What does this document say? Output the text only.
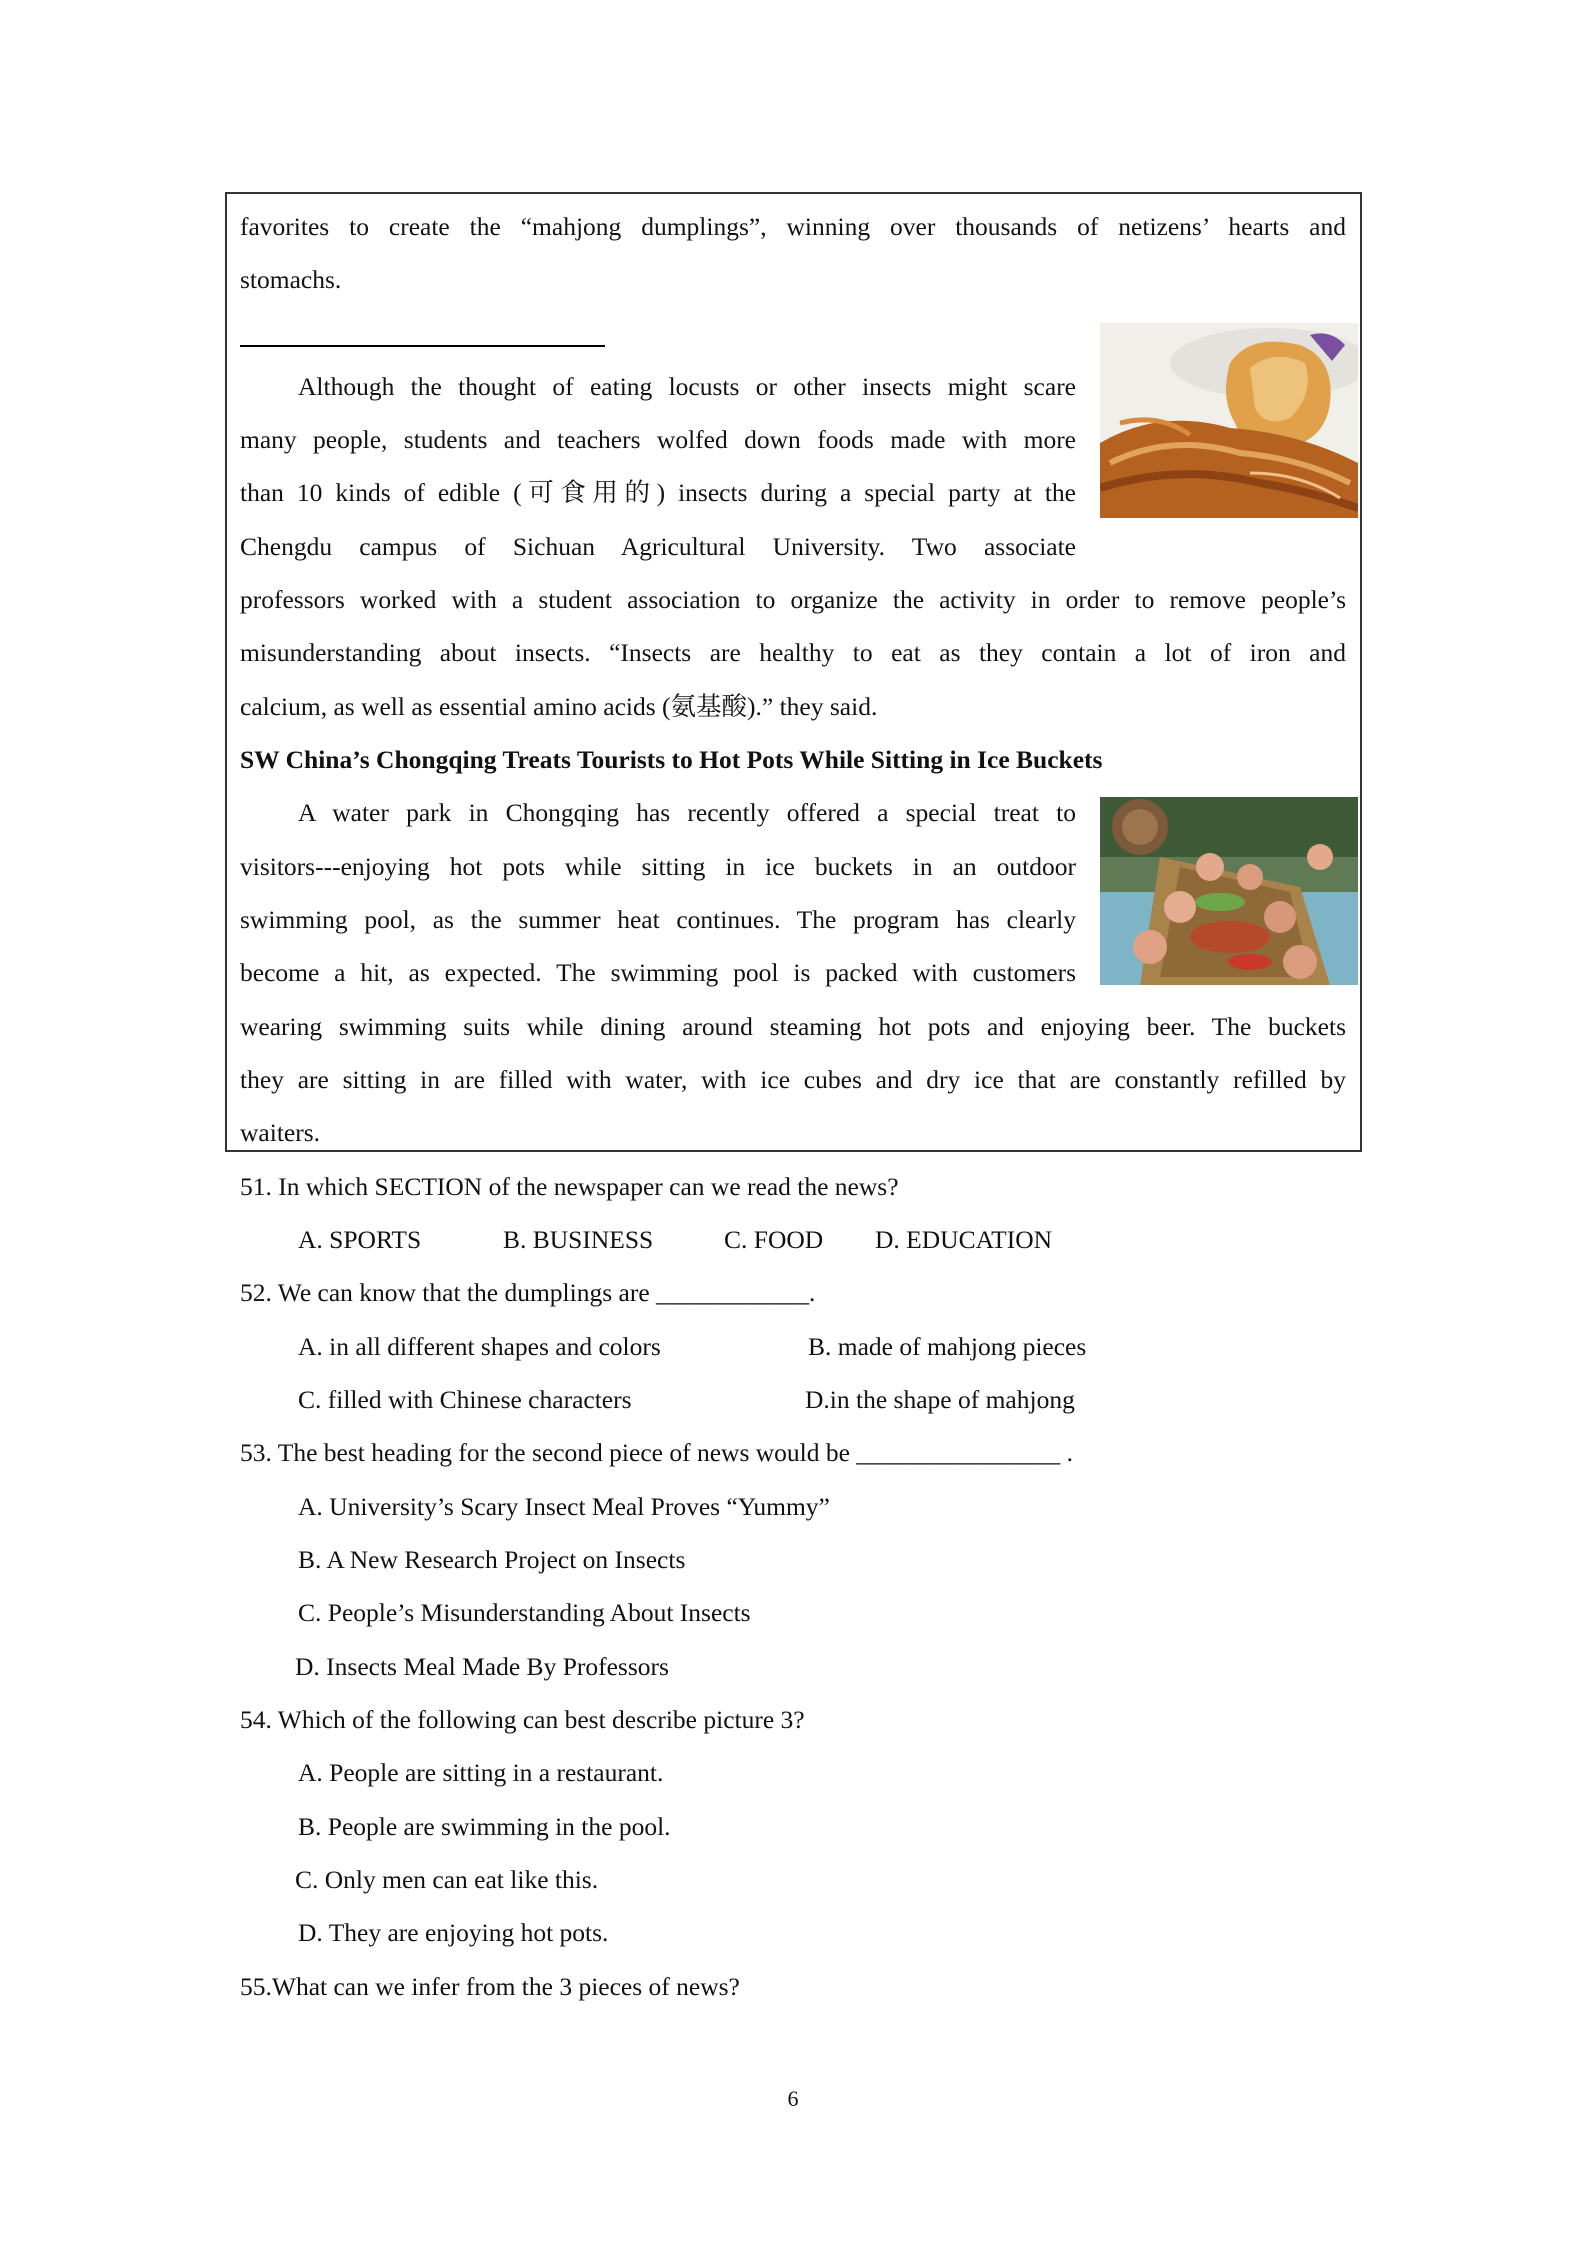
favorites to create the “mahjong dumplings”, winning over thousands of netizens’ hearts and
stomachs.
Although the thought of eating locusts or other insects might scare
many people, students and teachers wolfed down foods made with more
than 10 kinds of edible (可食用的) insects during a special party at the
Chengdu campus of Sichuan Agricultural University. Two associate
professors worked with a student association to organize the activity in order to remove people’s
misunderstanding about insects. “Insects are healthy to eat as they contain a lot of iron and
calcium, as well as essential amino acids (氨基酸).” they said.
SW China’s Chongqing Treats Tourists to Hot Pots While Sitting in Ice Buckets
A water park in Chongqing has recently offered a special treat to
visitors---enjoying hot pots while sitting in ice buckets in an outdoor
swimming pool, as the summer heat continues. The program has clearly
become a hit, as expected. The swimming pool is packed with customers
wearing swimming suits while dining around steaming hot pots and enjoying beer. The buckets
they are sitting in are filled with water, with ice cubes and dry ice that are constantly refilled by
waiters.
51. In which SECTION of the newspaper can we read the news?
A. SPORTS	B. BUSINESS	C. FOOD D. EDUCATION
52. We can know that the dumplings are ____________.
A. in all different shapes and colors	B. made of mahjong pieces
C. filled with Chinese characters	D.in the shape of mahjong
53. The best heading for the second piece of news would be ________________ .
A. University’s Scary Insect Meal Proves “Yummy”
B. A New Research Project on Insects
C. People’s Misunderstanding About Insects
D. Insects Meal Made By Professors
54. Which of the following can best describe picture 3?
A. People are sitting in a restaurant.
B. People are swimming in the pool.
C. Only men can eat like this.
D. They are enjoying hot pots.
55.What can we infer from the 3 pieces of news?
6
